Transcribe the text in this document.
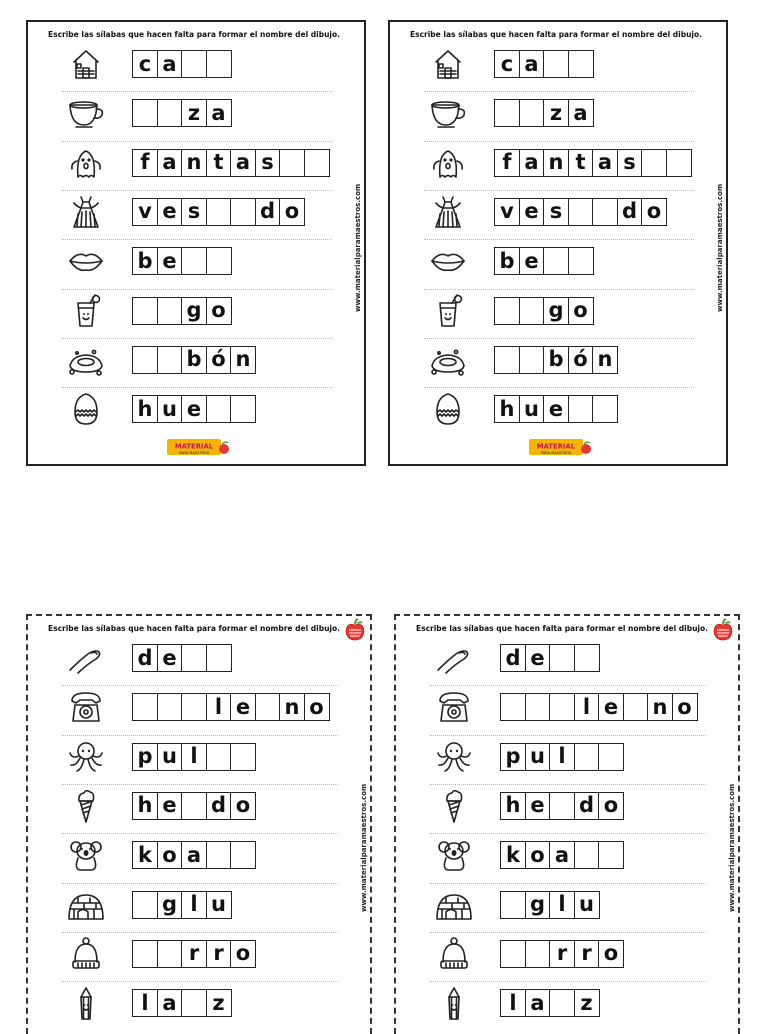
Escribe las sílabas que hacen falta para formar el nombre del dibujo.
www.materialparamaestros.com
MATERIAL
PARA MAESTROS
c a
z a
f a n t a s
v e s	d o
b e
g o
b ó n
h u e
Escribe las sílabas que hacen falta para formar el nombre del dibujo.
www.materialparamaestros.com
MATERIAL
PARA MAESTROS
c a
z a
f a n t a s
v e s	d o
b e
g o
b ó n
h u e
Escribe las sílabas que hacen falta para formar el nombre del dibujo.
www.materialparamaestros.com
d e
l e n o
p u l
h e d o
k o a
g l u
r r o
l a	z
Escribe las sílabas que hacen falta para formar el nombre del dibujo.
www.materialparamaestros.com
d e
l e n o
p u l
h e d o
k o a
g l u
r r o
l a	z
